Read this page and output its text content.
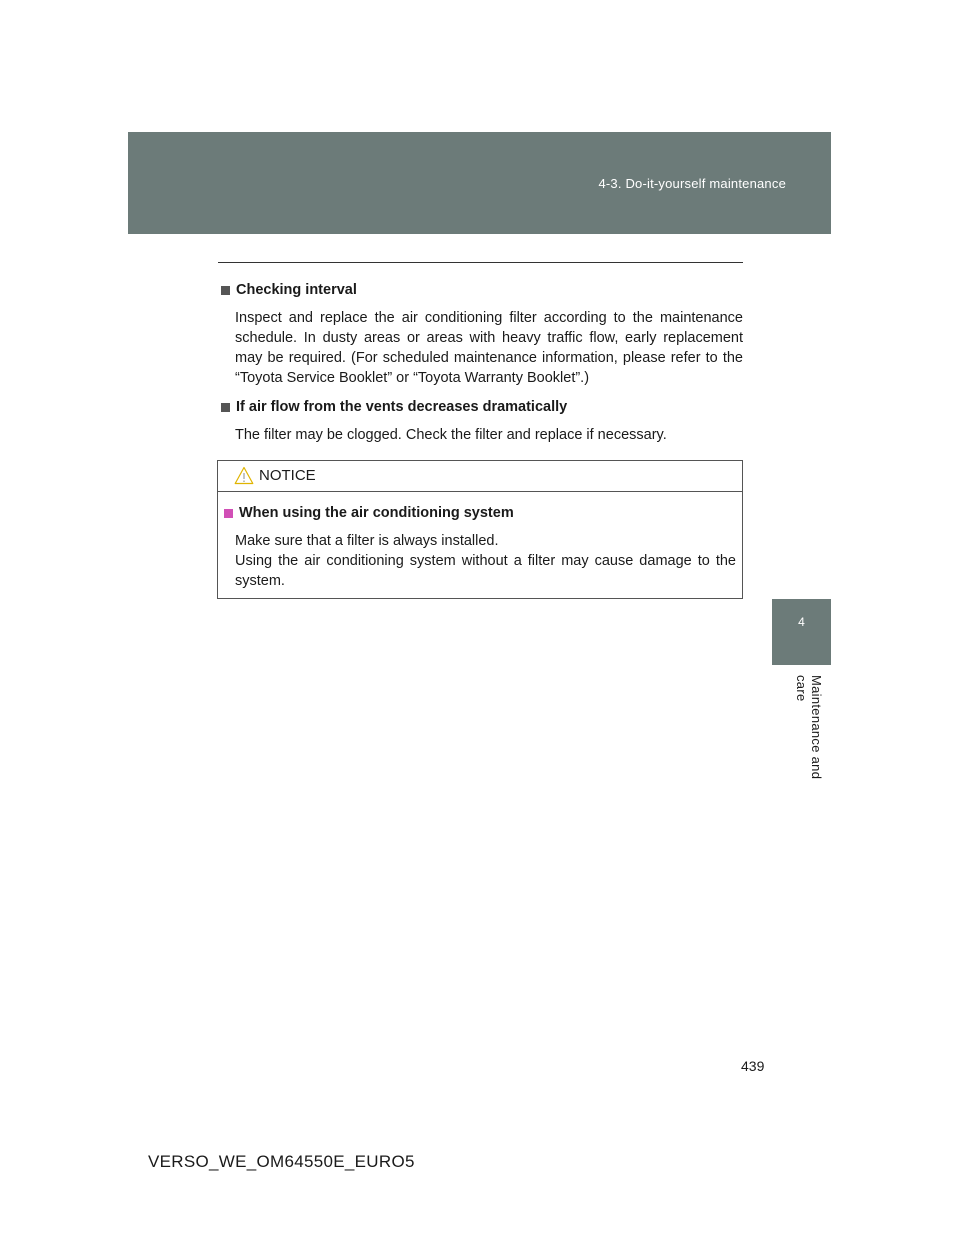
4-3. Do-it-yourself maintenance
4
Maintenance and care

Checking interval

Inspect and replace the air conditioning filter according to the maintenance schedule. In dusty areas or areas with heavy traffic flow, early replacement may be required. (For scheduled maintenance information, please refer to the “Toyota Service Booklet” or “Toyota Warranty Booklet”.)

If air flow from the vents decreases dramatically

The filter may be clogged. Check the filter and replace if necessary.

NOTICE

When using the air conditioning system

Make sure that a filter is always installed.
Using the air conditioning system without a filter may cause damage to the system.
439
VERSO_WE_OM64550E_EURO5
